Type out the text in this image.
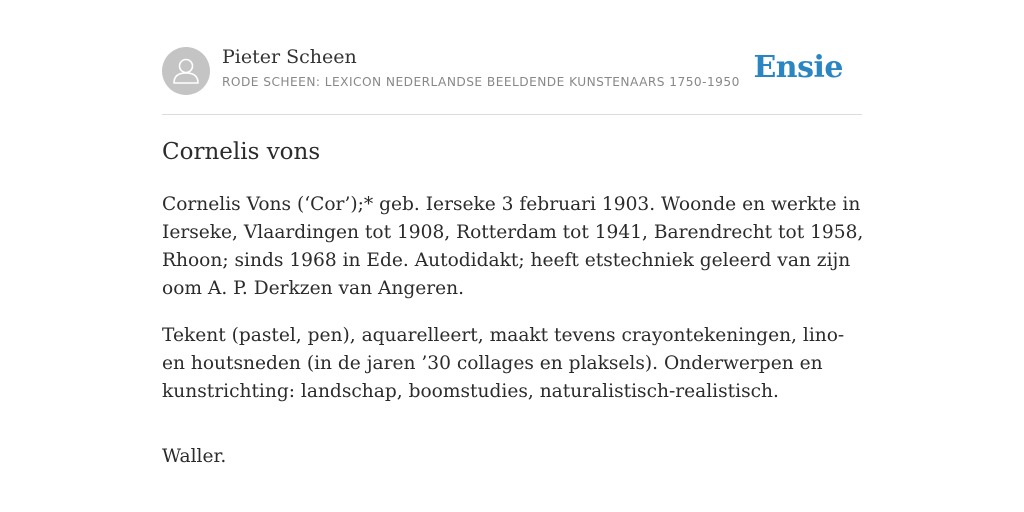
Pieter Scheen
RODE SCHEEN: LEXICON NEDERLANDSE BEELDENDE KUNSTENAARS 1750-1950 Ensie
Cornelis vons

Cornelis Vons (‘Cor’);* geb. Ierseke 3 februari 1903. Woonde en werkte in Ierseke, Vlaardingen tot 1908, Rotterdam tot 1941, Barendrecht tot 1958, Rhoon; sinds 1968 in Ede. Autodidakt; heeft etstechniek geleerd van zijn oom A. P. Derkzen van Angeren.

Tekent (pastel, pen), aquarelleert, maakt tevens crayontekeningen, lino- en houtsneden (in de jaren ’30 collages en plaksels). Onderwerpen en kunstrichting: landschap, boomstudies, naturalistisch-realistisch.

Waller.
